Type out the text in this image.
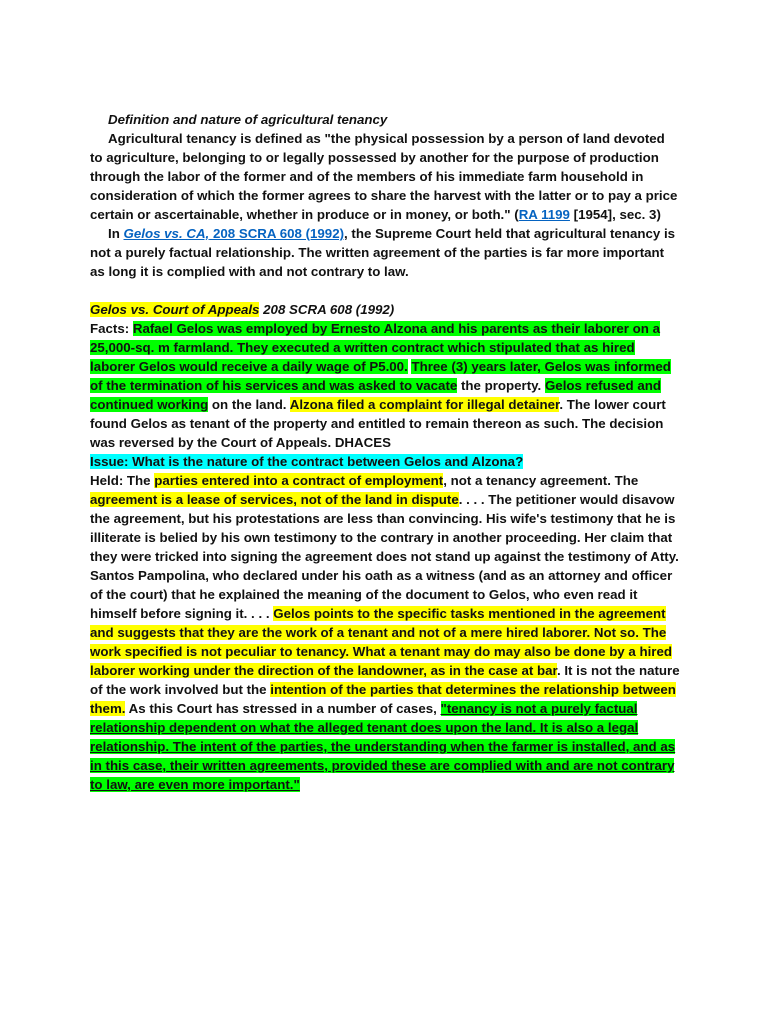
Definition and nature of agricultural tenancy

Agricultural tenancy is defined as "the physical possession by a person of land devoted to agriculture, belonging to or legally possessed by another for the purpose of production through the labor of the former and of the members of his immediate farm household in consideration of which the former agrees to share the harvest with the latter or to pay a price certain or ascertainable, whether in produce or in money, or both." (RA 1199 [1954], sec. 3)

In Gelos vs. CA, 208 SCRA 608 (1992), the Supreme Court held that agricultural tenancy is not a purely factual relationship. The written agreement of the parties is far more important as long it is complied with and not contrary to law.

Gelos vs. Court of Appeals 208 SCRA 608 (1992)

Facts: Rafael Gelos was employed by Ernesto Alzona and his parents as their laborer on a 25,000-sq. m farmland. They executed a written contract which stipulated that as hired laborer Gelos would receive a daily wage of P5.00. Three (3) years later, Gelos was informed of the termination of his services and was asked to vacate the property. Gelos refused and continued working on the land. Alzona filed a complaint for illegal detainer. The lower court found Gelos as tenant of the property and entitled to remain thereon as such. The decision was reversed by the Court of Appeals. DHACES

Issue: What is the nature of the contract between Gelos and Alzona?

Held: The parties entered into a contract of employment, not a tenancy agreement. The agreement is a lease of services, not of the land in dispute. . . . The petitioner would disavow the agreement, but his protestations are less than convincing. His wife's testimony that he is illiterate is belied by his own testimony to the contrary in another proceeding. Her claim that they were tricked into signing the agreement does not stand up against the testimony of Atty. Santos Pampolina, who declared under his oath as a witness (and as an attorney and officer of the court) that he explained the meaning of the document to Gelos, who even read it himself before signing it. . . . Gelos points to the specific tasks mentioned in the agreement and suggests that they are the work of a tenant and not of a mere hired laborer. Not so. The work specified is not peculiar to tenancy. What a tenant may do may also be done by a hired laborer working under the direction of the landowner, as in the case at bar. It is not the nature of the work involved but the intention of the parties that determines the relationship between them. As this Court has stressed in a number of cases, "tenancy is not a purely factual relationship dependent on what the alleged tenant does upon the land. It is also a legal relationship. The intent of the parties, the understanding when the farmer is installed, and as in this case, their written agreements, provided these are complied with and are not contrary to law, are even more important."
